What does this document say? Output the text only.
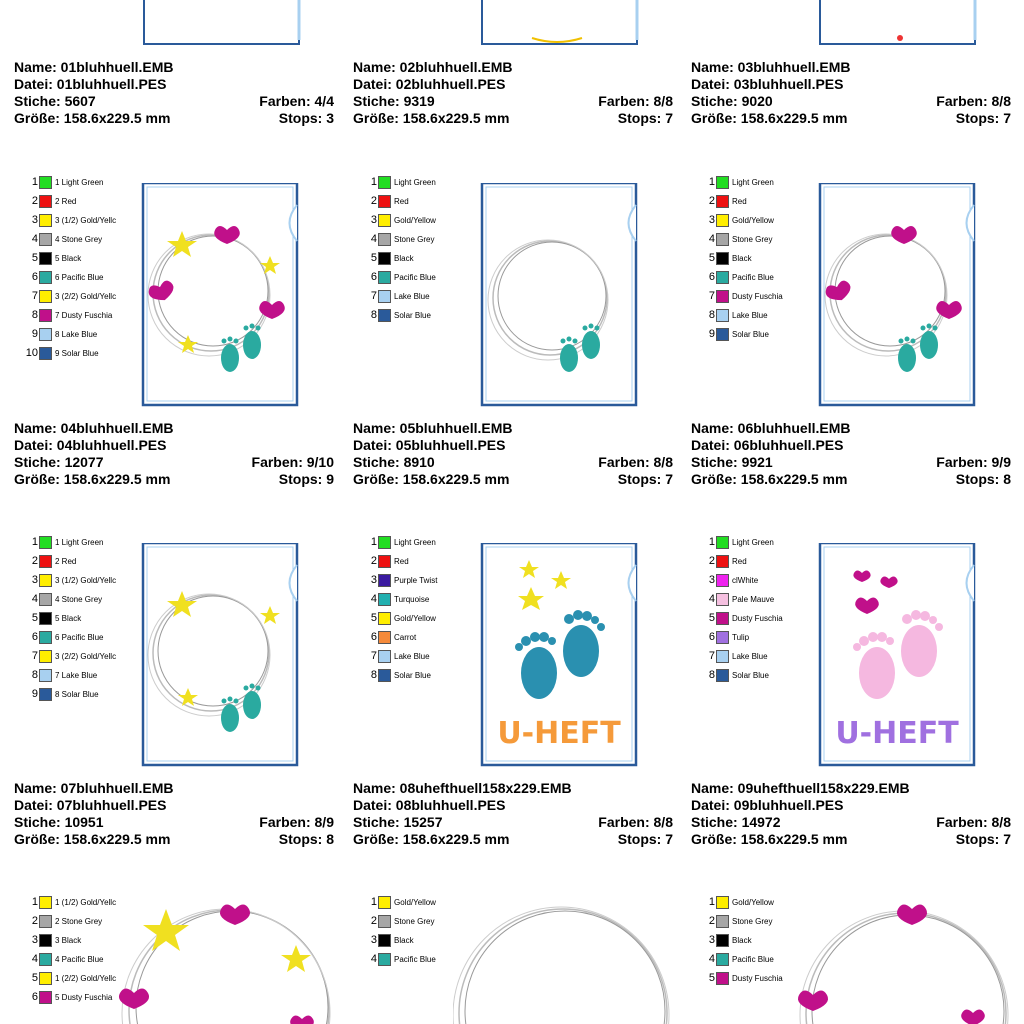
Name: 01bluhhuell.EMB
Datei: 01bluhhuell.PES
Stiche: 5607	Farben: 4/4
Größe: 158.6x229.5 mm	Stops: 3
Name: 02bluhhuell.EMB
Datei: 02bluhhuell.PES
Stiche: 9319	Farben: 8/8
Größe: 158.6x229.5 mm	Stops: 7
Name: 03bluhhuell.EMB
Datei: 03bluhhuell.PES
Stiche: 9020	Farben: 8/8
Größe: 158.6x229.5 mm	Stops: 7
1 1 Light Green
2 2 Red
3 3 (1/2) Gold/Yellc
4 4 Stone Grey
5 5 Black
6 6 Pacific Blue
7 3 (2/2) Gold/Yellc
8 7 Dusty Fuschia
9 8 Lake Blue
10 9 Solar Blue
Name: 04bluhhuell.EMB
Datei: 04bluhhuell.PES
Stiche: 12077	Farben: 9/10
Größe: 158.6x229.5 mm	Stops: 9
1 Light Green
2 Red
3 Gold/Yellow
4 Stone Grey
5 Black
6 Pacific Blue
7 Lake Blue
8 Solar Blue
Name: 05bluhhuell.EMB
Datei: 05bluhhuell.PES
Stiche: 8910	Farben: 8/8
Größe: 158.6x229.5 mm	Stops: 7
1 Light Green
2 Red
3 Gold/Yellow
4 Stone Grey
5 Black
6 Pacific Blue
7 Dusty Fuschia
8 Lake Blue
9 Solar Blue
Name: 06bluhhuell.EMB
Datei: 06bluhhuell.PES
Stiche: 9921	Farben: 9/9
Größe: 158.6x229.5 mm	Stops: 8
1 1 Light Green
2 2 Red
3 3 (1/2) Gold/Yellc
4 4 Stone Grey
5 5 Black
6 6 Pacific Blue
7 3 (2/2) Gold/Yellc
8 7 Lake Blue
9 8 Solar Blue
Name: 07bluhhuell.EMB
Datei: 07bluhhuell.PES
Stiche: 10951	Farben: 8/9
Größe: 158.6x229.5 mm	Stops: 8
1 Light Green
2 Red
3 Purple Twist
4 Turquoise
5 Gold/Yellow
6 Carrot
7 Lake Blue
8 Solar Blue
U-HEFT
Name: 08uhefthuell158x229.EMB
Datei: 08bluhhuell.PES
Stiche: 15257	Farben: 8/8
Größe: 158.6x229.5 mm	Stops: 7
1 Light Green
2 Red
3 clWhite
4 Pale Mauve
5 Dusty Fuschia
6 Tulip
7 Lake Blue
8 Solar Blue
U-HEFT
Name: 09uhefthuell158x229.EMB
Datei: 09bluhhuell.PES
Stiche: 14972	Farben: 8/8
Größe: 158.6x229.5 mm	Stops: 7
1 1 (1/2) Gold/Yellc
2 2 Stone Grey
3 3 Black
4 4 Pacific Blue
5 1 (2/2) Gold/Yellc
6 5 Dusty Fuschia
1 Gold/Yellow
2 Stone Grey
3 Black
4 Pacific Blue
1 Gold/Yellow
2 Stone Grey
3 Black
4 Pacific Blue
5 Dusty Fuschia
